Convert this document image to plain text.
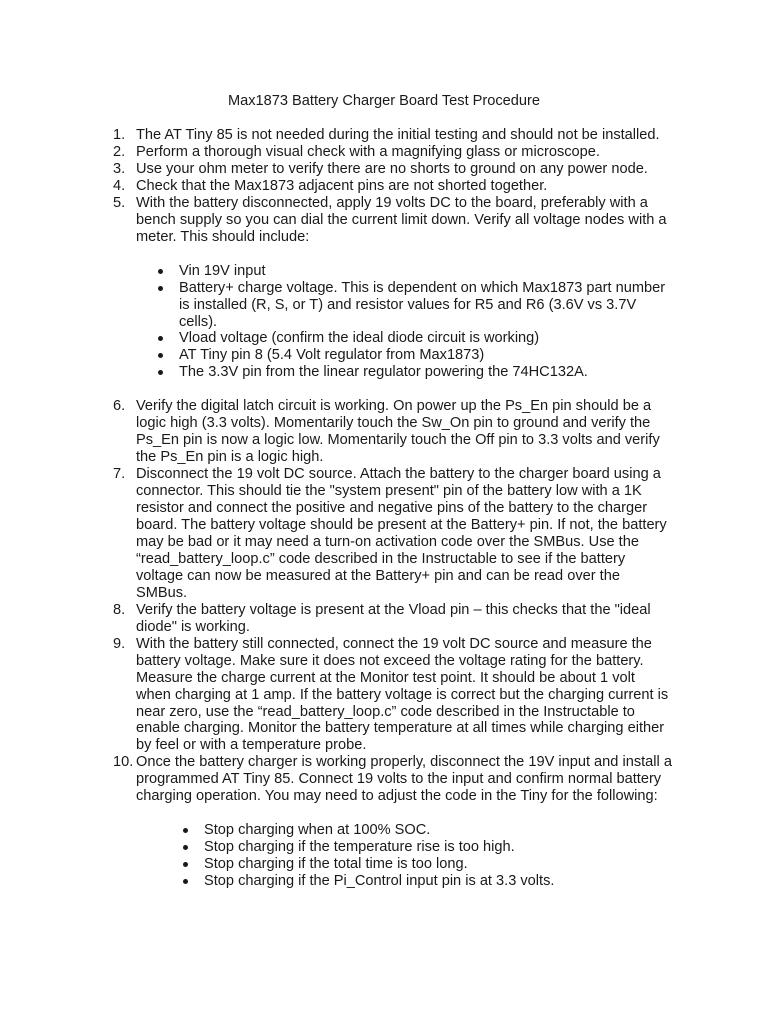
Max1873 Battery Charger Board Test Procedure
1. The AT Tiny 85 is not needed during the initial testing and should not be installed.
2. Perform a thorough visual check with a magnifying glass or microscope.
3. Use your ohm meter to verify there are no shorts to ground on any power node.
4. Check that the Max1873 adjacent pins are not shorted together.
5. With the battery disconnected, apply 19 volts DC to the board, preferably with a bench supply so you can dial the current limit down. Verify all voltage nodes with a meter. This should include:
Vin 19V input
Battery+ charge voltage. This is dependent on which Max1873 part number is installed (R, S, or T) and resistor values for R5 and R6 (3.6V vs 3.7V cells).
Vload voltage (confirm the ideal diode circuit is working)
AT Tiny pin 8 (5.4 Volt regulator from Max1873)
The 3.3V pin from the linear regulator powering the 74HC132A.
6. Verify the digital latch circuit is working. On power up the Ps_En pin should be a logic high (3.3 volts). Momentarily touch the Sw_On pin to ground and verify the Ps_En pin is now a logic low. Momentarily touch the Off pin to 3.3 volts and verify the Ps_En pin is a logic high.
7. Disconnect the 19 volt DC source. Attach the battery to the charger board using a connector. This should tie the "system present" pin of the battery low with a 1K resistor and connect the positive and negative pins of the battery to the charger board. The battery voltage should be present at the Battery+ pin. If not, the battery may be bad or it may need a turn-on activation code over the SMBus. Use the “read_battery_loop.c” code described in the Instructable to see if the battery voltage can now be measured at the Battery+ pin and can be read over the SMBus.
8. Verify the battery voltage is present at the Vload pin – this checks that the "ideal diode" is working.
9. With the battery still connected, connect the 19 volt DC source and measure the battery voltage. Make sure it does not exceed the voltage rating for the battery. Measure the charge current at the Monitor test point. It should be about 1 volt when charging at 1 amp. If the battery voltage is correct but the charging current is near zero, use the “read_battery_loop.c” code described in the Instructable to enable charging. Monitor the battery temperature at all times while charging either by feel or with a temperature probe.
10. Once the battery charger is working properly, disconnect the 19V input and install a programmed AT Tiny 85. Connect 19 volts to the input and confirm normal battery charging operation. You may need to adjust the code in the Tiny for the following:
Stop charging when at 100% SOC.
Stop charging if the temperature rise is too high.
Stop charging if the total time is too long.
Stop charging if the Pi_Control input pin is at 3.3 volts.
